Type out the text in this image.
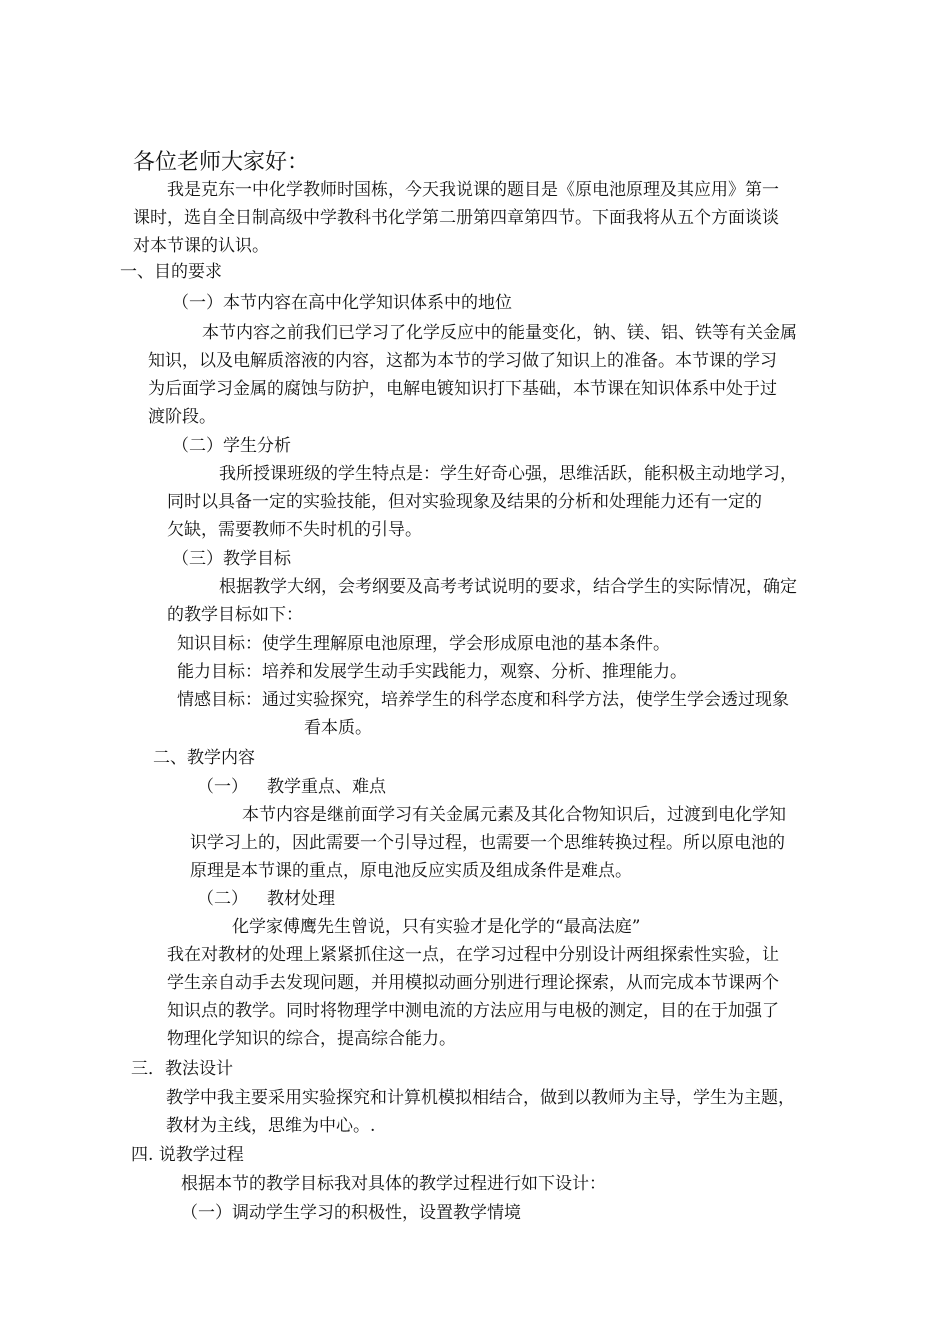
各位老师大家好：
我是克东一中化学教师时国栋，今天我说课的题目是《原电池原理及其应用》第一
课时，选自全日制高级中学教科书化学第二册第四章第四节。下面我将从五个方面谈谈
对本节课的认识。
一、目的要求
（一）本节内容在高中化学知识体系中的地位
本节内容之前我们已学习了化学反应中的能量变化，钠、镁、铝、铁等有关金属
知识，以及电解质溶液的内容，这都为本节的学习做了知识上的准备。本节课的学习
为后面学习金属的腐蚀与防护，电解电镀知识打下基础，本节课在知识体系中处于过
渡阶段。
（二）学生分析
我所授课班级的学生特点是：学生好奇心强，思维活跃，能积极主动地学习，
同时以具备一定的实验技能，但对实验现象及结果的分析和处理能力还有一定的
欠缺，需要教师不失时机的引导。
（三）教学目标
根据教学大纲，会考纲要及高考考试说明的要求，结合学生的实际情况，确定
的教学目标如下：
知识目标：使学生理解原电池原理，学会形成原电池的基本条件。
能力目标：培养和发展学生动手实践能力，观察、分析、推理能力。
情感目标：通过实验探究，培养学生的科学态度和科学方法，使学生学会透过现象
看本质。
二、教学内容
（一） 教学重点、难点
本节内容是继前面学习有关金属元素及其化合物知识后，过渡到电化学知
识学习上的，因此需要一个引导过程，也需要一个思维转换过程。所以原电池的
原理是本节课的重点，原电池反应实质及组成条件是难点。
（二） 教材处理
化学家傅鹰先生曾说，只有实验才是化学的“最高法庭”
我在对教材的处理上紧紧抓住这一点，在学习过程中分别设计两组探索性实验，让
学生亲自动手去发现问题，并用模拟动画分别进行理论探索，从而完成本节课两个
知识点的教学。同时将物理学中测电流的方法应用与电极的测定，目的在于加强了
物理化学知识的综合，提高综合能力。
三．教法设计
教学中我主要采用实验探究和计算机模拟相结合，做到以教师为主导，学生为主题，
教材为主线，思维为中心。.
四. 说教学过程
根据本节的教学目标我对具体的教学过程进行如下设计：
（一）调动学生学习的积极性，设置教学情境
